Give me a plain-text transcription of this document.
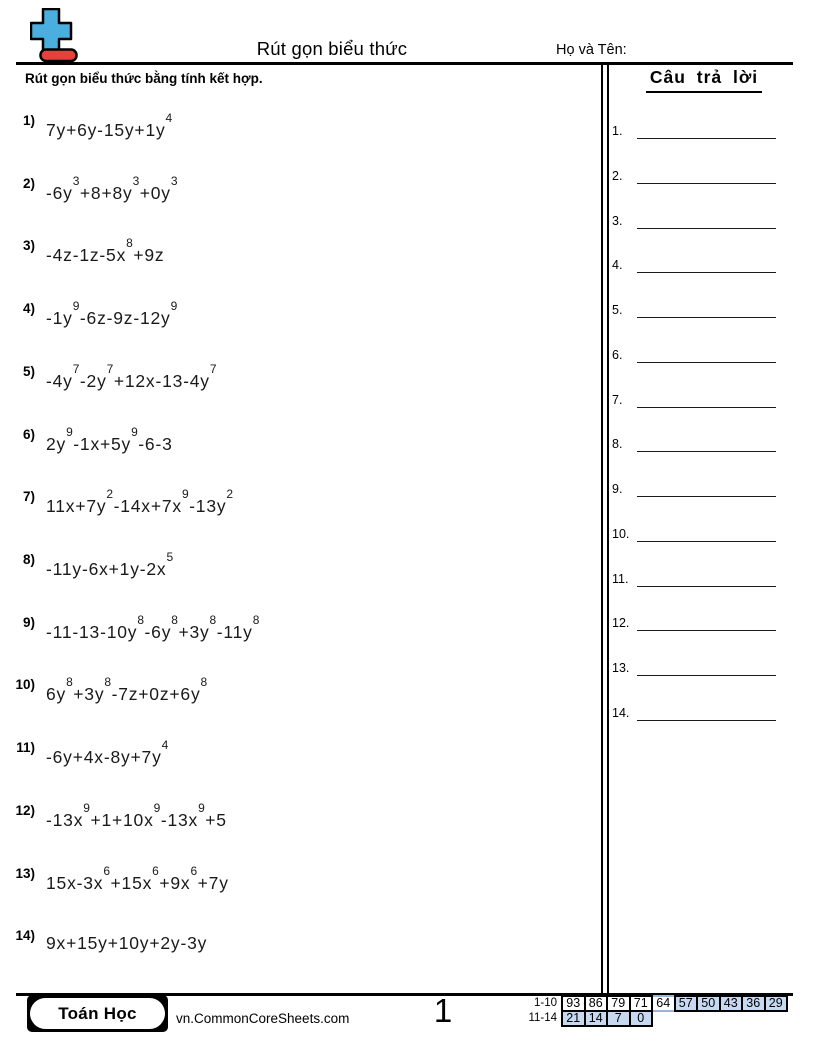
Rút gọn biểu thức	Họ và Tên:
Rút gọn biểu thức bằng tính kết hợp.	Câu trả lời
1) $7y+6y-15y+1y^4$
2) $-6y^3+8+8y^3+0y^3$
3) $-4z-1z-5x^8+9z$
4) $-1y^9-6z-9z-12y^9$
5) $-4y^7-2y^7+12x-13-4y^7$
6) $2y^9-1x+5y^9-6-3$
7) $11x+7y^2-14x+7x^9-13y^2$
8) $-11y-6x+1y-2x^5$
9) $-11-13-10y^8-6y^8+3y^8-11y^8$
10) $6y^8+3y^8-7z+0z+6y^8$
11) $-6y+4x-8y+7y^4$
12) $-13x^9+1+10x^9-13x^9+5$
13) $15x-3x^6+15x^6+9x^6+7y$
14) 9x+15y+10y+2y-3y
1.
2.
3.
4.
5.
6.
7.
8.
9.
10.
11.
12.
13.
14.
Toán Học	vn.CommonCoreSheets.com	1	1-10 93 86 79 71 64 57 50 43 36 29
11-14 21 14 7	0
